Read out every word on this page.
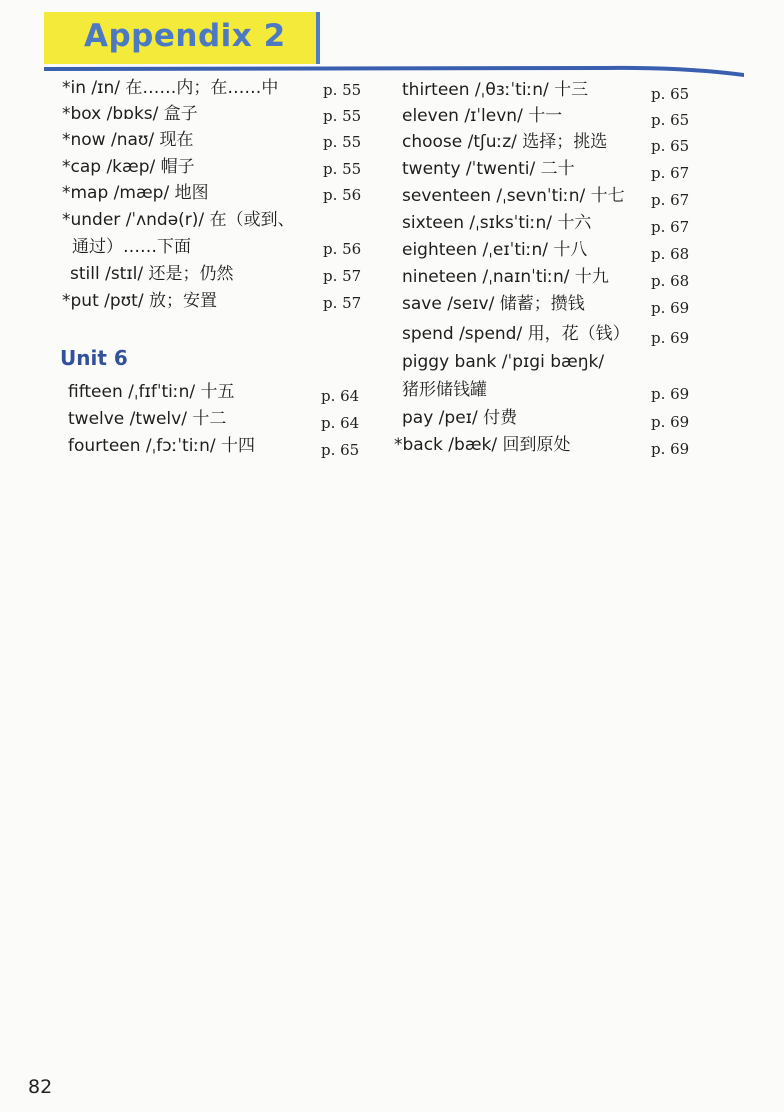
Appendix 2
*in /ɪn/ 在……内；在……中	p. 55
*box /bɒks/ 盒子	p. 55
*now /naʊ/ 现在	p. 55
*cap /kæp/ 帽子	p. 55
*map /mæp/ 地图	p. 56
*under /ˈʌndə(r)/ 在（或到、
通过）……下面	p. 56
still /stɪl/ 还是；仍然	p. 57
*put /pʊt/ 放；安置	p. 57
Unit 6
fifteen /ˌfɪfˈtiːn/ 十五	p. 64
twelve /twelv/ 十二	p. 64
fourteen /ˌfɔːˈtiːn/ 十四	p. 65
thirteen /ˌθɜːˈtiːn/ 十三	p. 65
eleven /ɪˈlevn/ 十一	p. 65
choose /tʃuːz/ 选择；挑选	p. 65
twenty /ˈtwenti/ 二十	p. 67
seventeen /ˌsevnˈtiːn/ 十七 p. 67
sixteen /ˌsɪksˈtiːn/ 十六	p. 67
eighteen /ˌeɪˈtiːn/ 十八	p. 68
nineteen /ˌnaɪnˈtiːn/ 十九	p. 68
save /seɪv/ 储蓄；攒钱	p. 69
spend /spend/ 用，花（钱） p. 69
piggy bank /ˈpɪgi bæŋk/
猪形储钱罐	p. 69
pay /peɪ/ 付费	p. 69
*back /bæk/ 回到原处	p. 69
82
